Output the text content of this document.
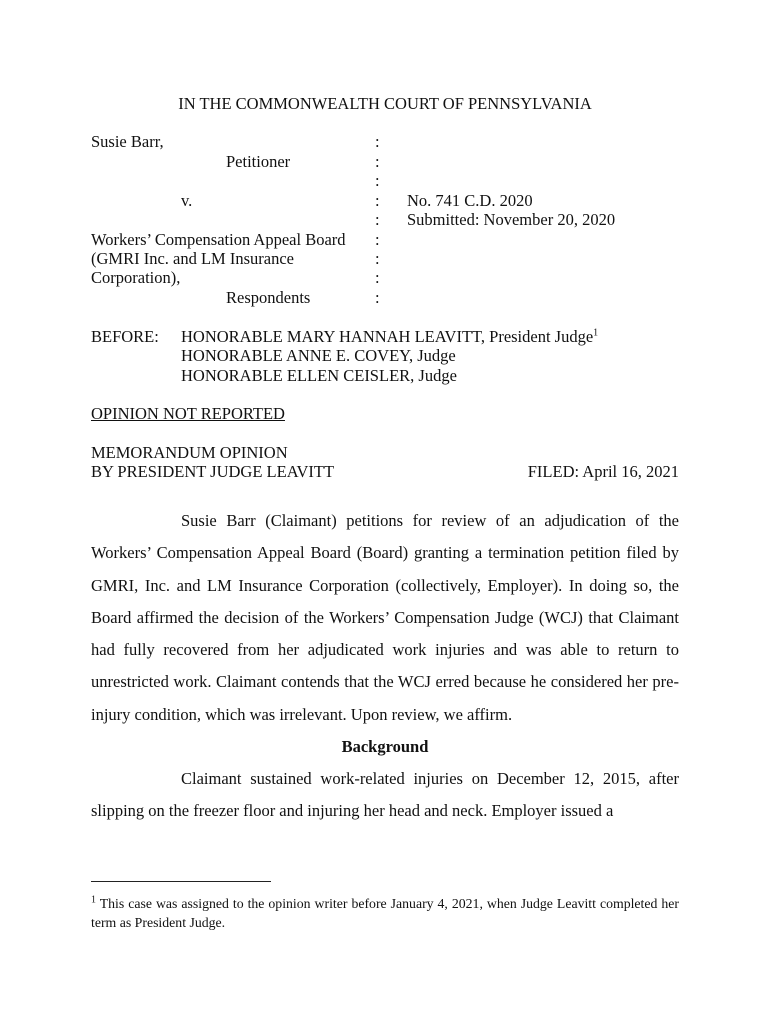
IN THE COMMONWEALTH COURT OF PENNSYLVANIA
Susie Barr,
Petitioner
v.
Workers’ Compensation Appeal Board
(GMRI Inc. and LM Insurance
Corporation),
Respondents
:
:
:
:
:
:
:
:
:
No. 741 C.D. 2020
Submitted: November 20, 2020
BEFORE: HONORABLE MARY HANNAH LEAVITT, President Judge$^1$
HONORABLE ANNE E. COVEY, Judge
HONORABLE ELLEN CEISLER, Judge
OPINION NOT REPORTED
MEMORANDUM OPINION
BY PRESIDENT JUDGE LEAVITT	FILED: April 16, 2021
Susie Barr (Claimant) petitions for review of an adjudication of the Workers’ Compensation Appeal Board (Board) granting a termination petition filed by GMRI, Inc. and LM Insurance Corporation (collectively, Employer). In doing so, the Board affirmed the decision of the Workers’ Compensation Judge (WCJ) that Claimant had fully recovered from her adjudicated work injuries and was able to return to unrestricted work. Claimant contends that the WCJ erred because he considered her pre-injury condition, which was irrelevant. Upon review, we affirm.
Background
Claimant sustained work-related injuries on December 12, 2015, after slipping on the freezer floor and injuring her head and neck. Employer issued a
$^1$ This case was assigned to the opinion writer before January 4, 2021, when Judge Leavitt completed her term as President Judge.
